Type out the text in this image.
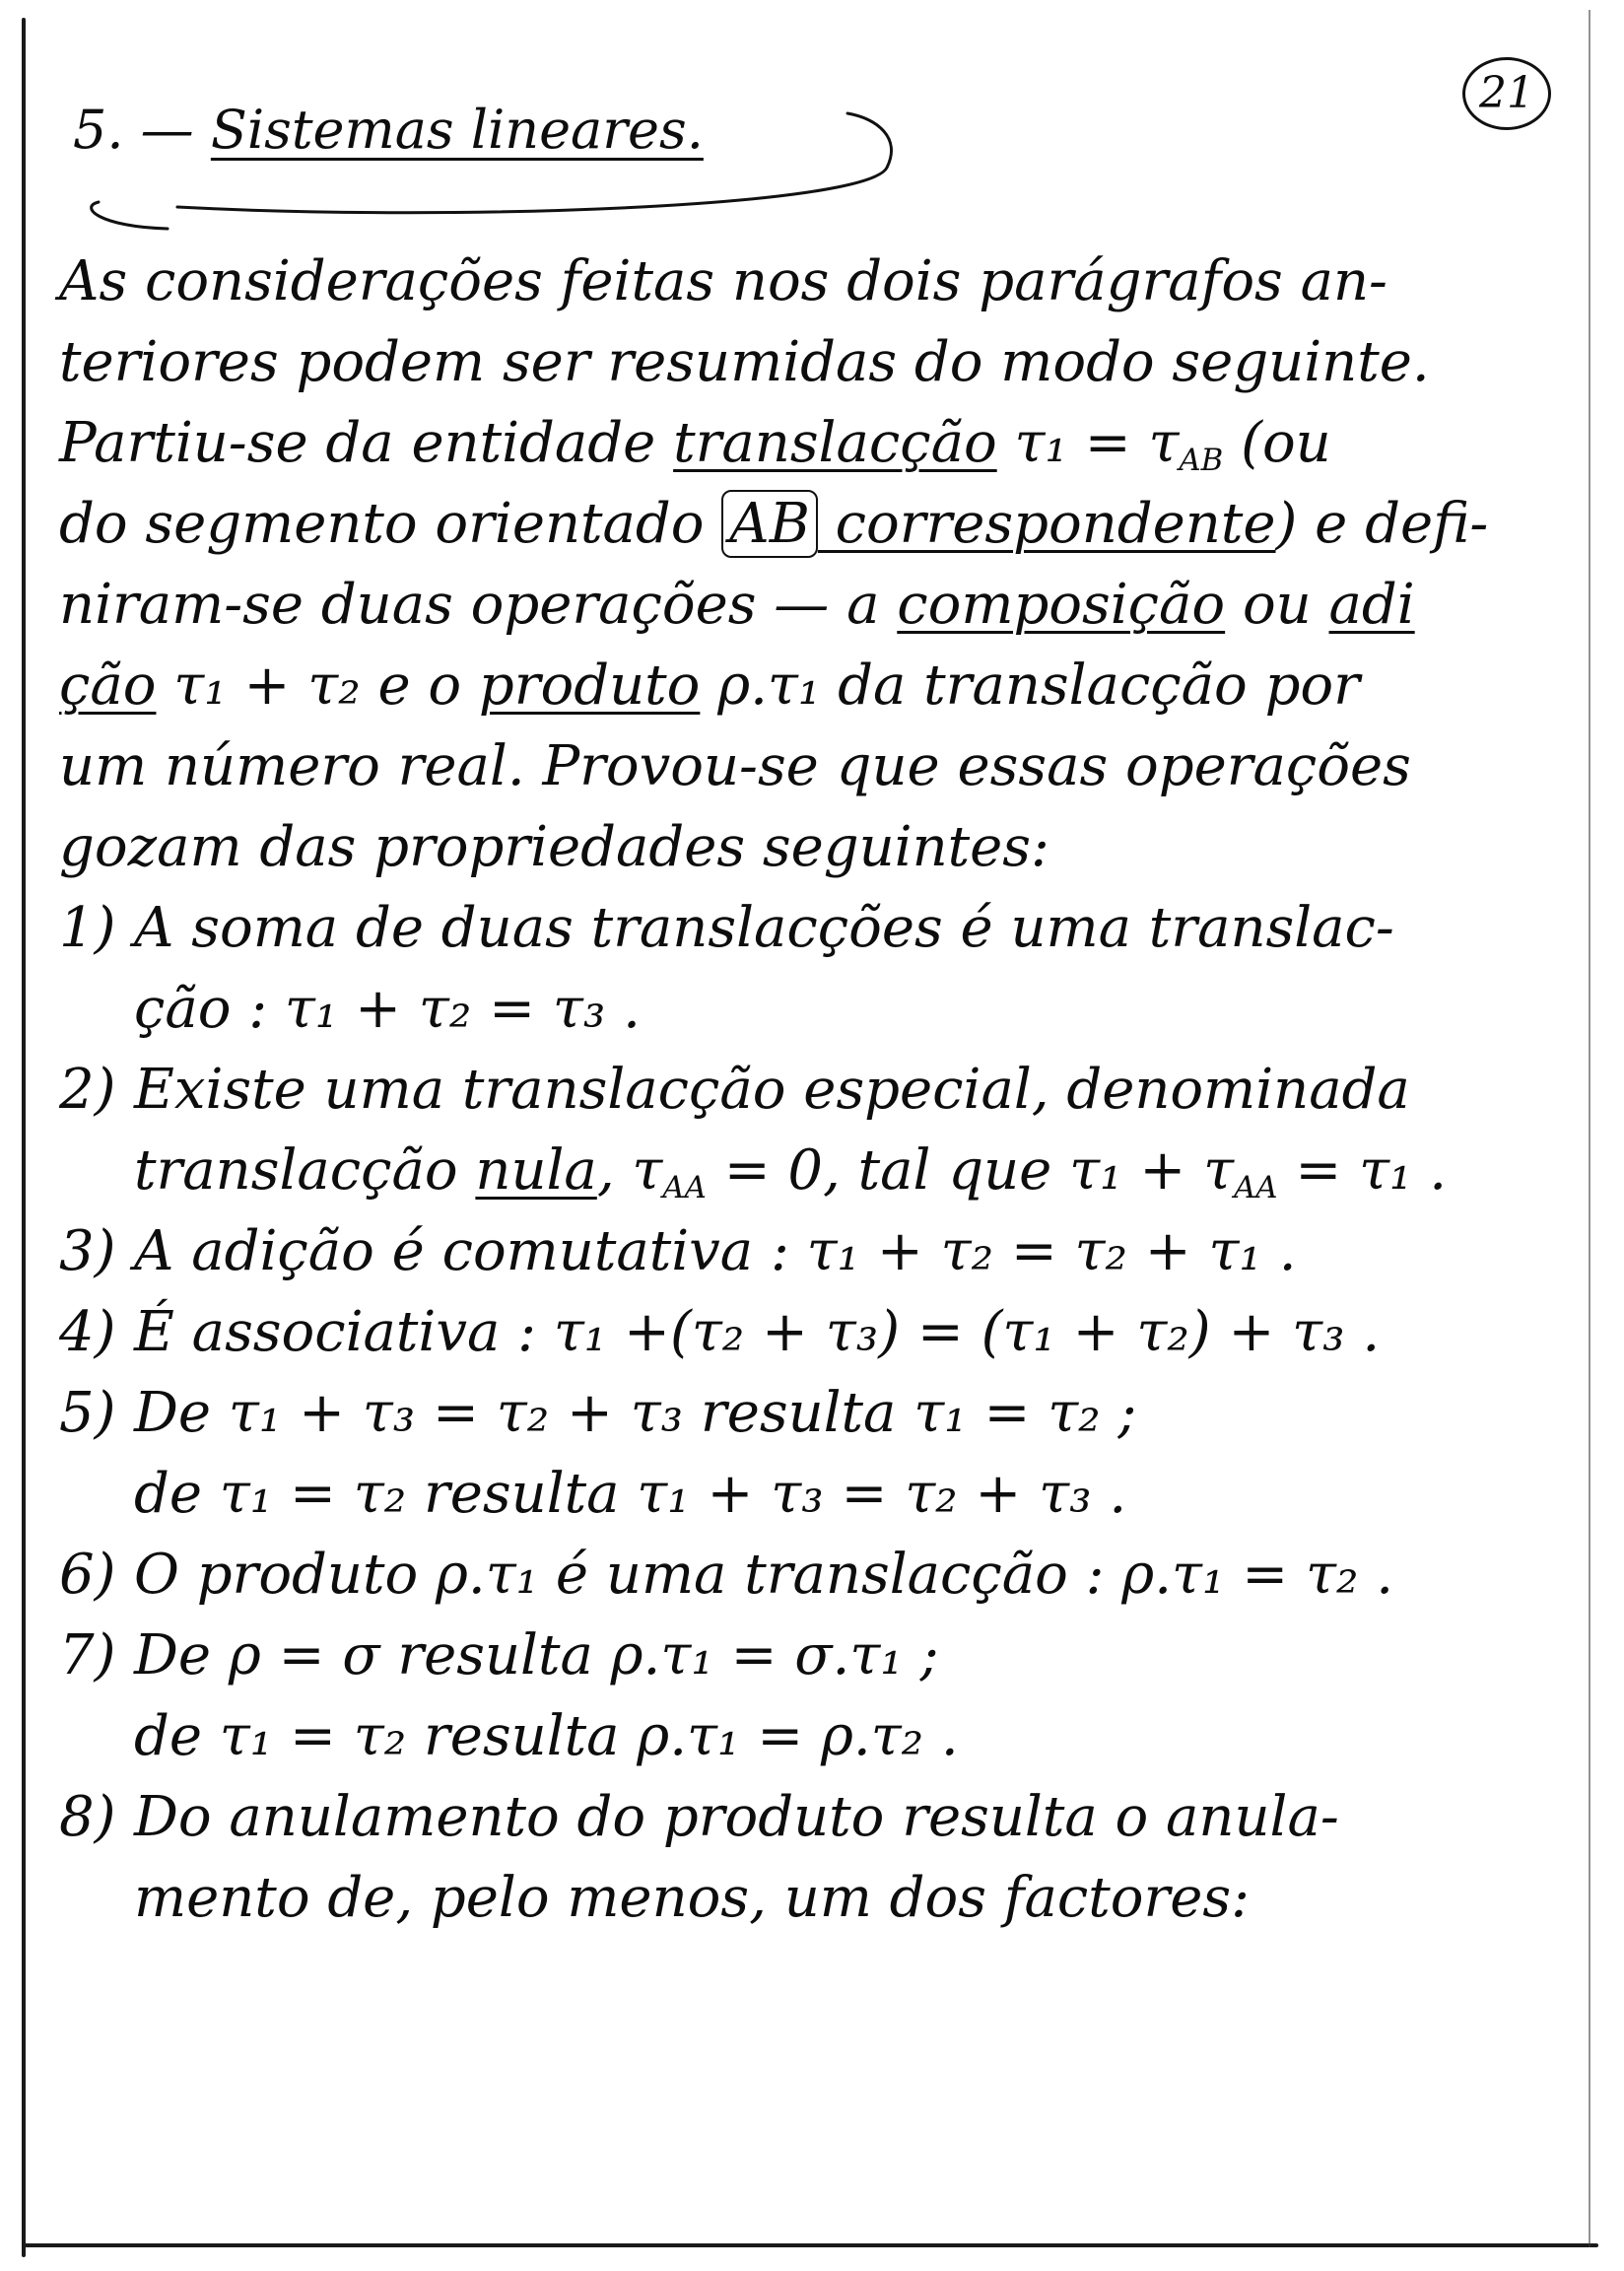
21
5. — Sistemas lineares.
As considerações feitas nos dois parágrafos an-
teriores podem ser resumidas do modo seguinte.
Partiu-se da entidade translacção $\tau_1 = \tau_{AB}$ (ou
do segmento orientado AB correspondente) e defi-
niram-se duas operações — a composição ou adi
ção τ₁ + τ₂ e o produto ρ.τ₁ da translacção por
um número real. Provou-se que essas operações
gozam das propriedades seguintes:
1) A soma de duas translacções é uma translac-
ção : τ₁ + τ₂ = τ₃ .
2) Existe uma translacção especial, denominada
translacção nula, $\tau_{AA} = 0$, tal que $\tau_1 + \tau_{AA} = \tau_1$ .
3) A adição é comutativa : τ₁ + τ₂ = τ₂ + τ₁ .
4) É associativa : τ₁ +(τ₂ + τ₃) = (τ₁ + τ₂) + τ₃ .
5) De τ₁ + τ₃ = τ₂ + τ₃ resulta τ₁ = τ₂ ;
de τ₁ = τ₂ resulta τ₁ + τ₃ = τ₂ + τ₃ .
6) O produto ρ.τ₁ é uma translacção : ρ.τ₁ = τ₂ .
7) De ρ = σ resulta ρ.τ₁ = σ.τ₁ ;
de τ₁ = τ₂ resulta ρ.τ₁ = ρ.τ₂ .
8) Do anulamento do produto resulta o anula-
mento de, pelo menos, um dos factores:
